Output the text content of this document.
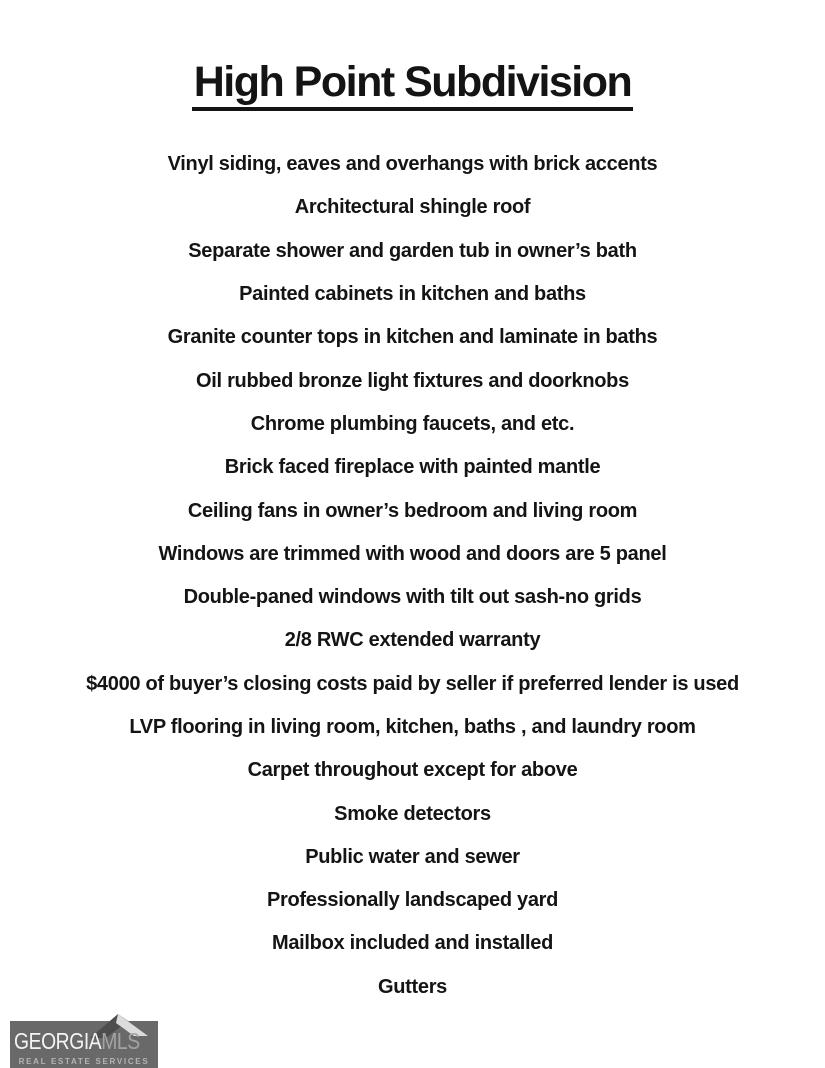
High Point Subdivision
Vinyl siding, eaves and overhangs with brick accents
Architectural shingle roof
Separate shower and garden tub in owner’s bath
Painted cabinets in kitchen and baths
Granite counter tops in kitchen and laminate in baths
Oil rubbed bronze light fixtures and doorknobs
Chrome plumbing faucets, and etc.
Brick faced fireplace with painted mantle
Ceiling fans in owner’s bedroom and living room
Windows are trimmed with wood and doors are 5 panel
Double-paned windows with tilt out sash-no grids
2/8 RWC extended warranty
$4000 of buyer’s closing costs paid by seller if preferred lender is used
LVP flooring in living room, kitchen, baths , and laundry room
Carpet throughout except for above
Smoke detectors
Public water and sewer
Professionally landscaped yard
Mailbox included and installed
Gutters
GEORGIAMLS
REAL ESTATE SERVICES
